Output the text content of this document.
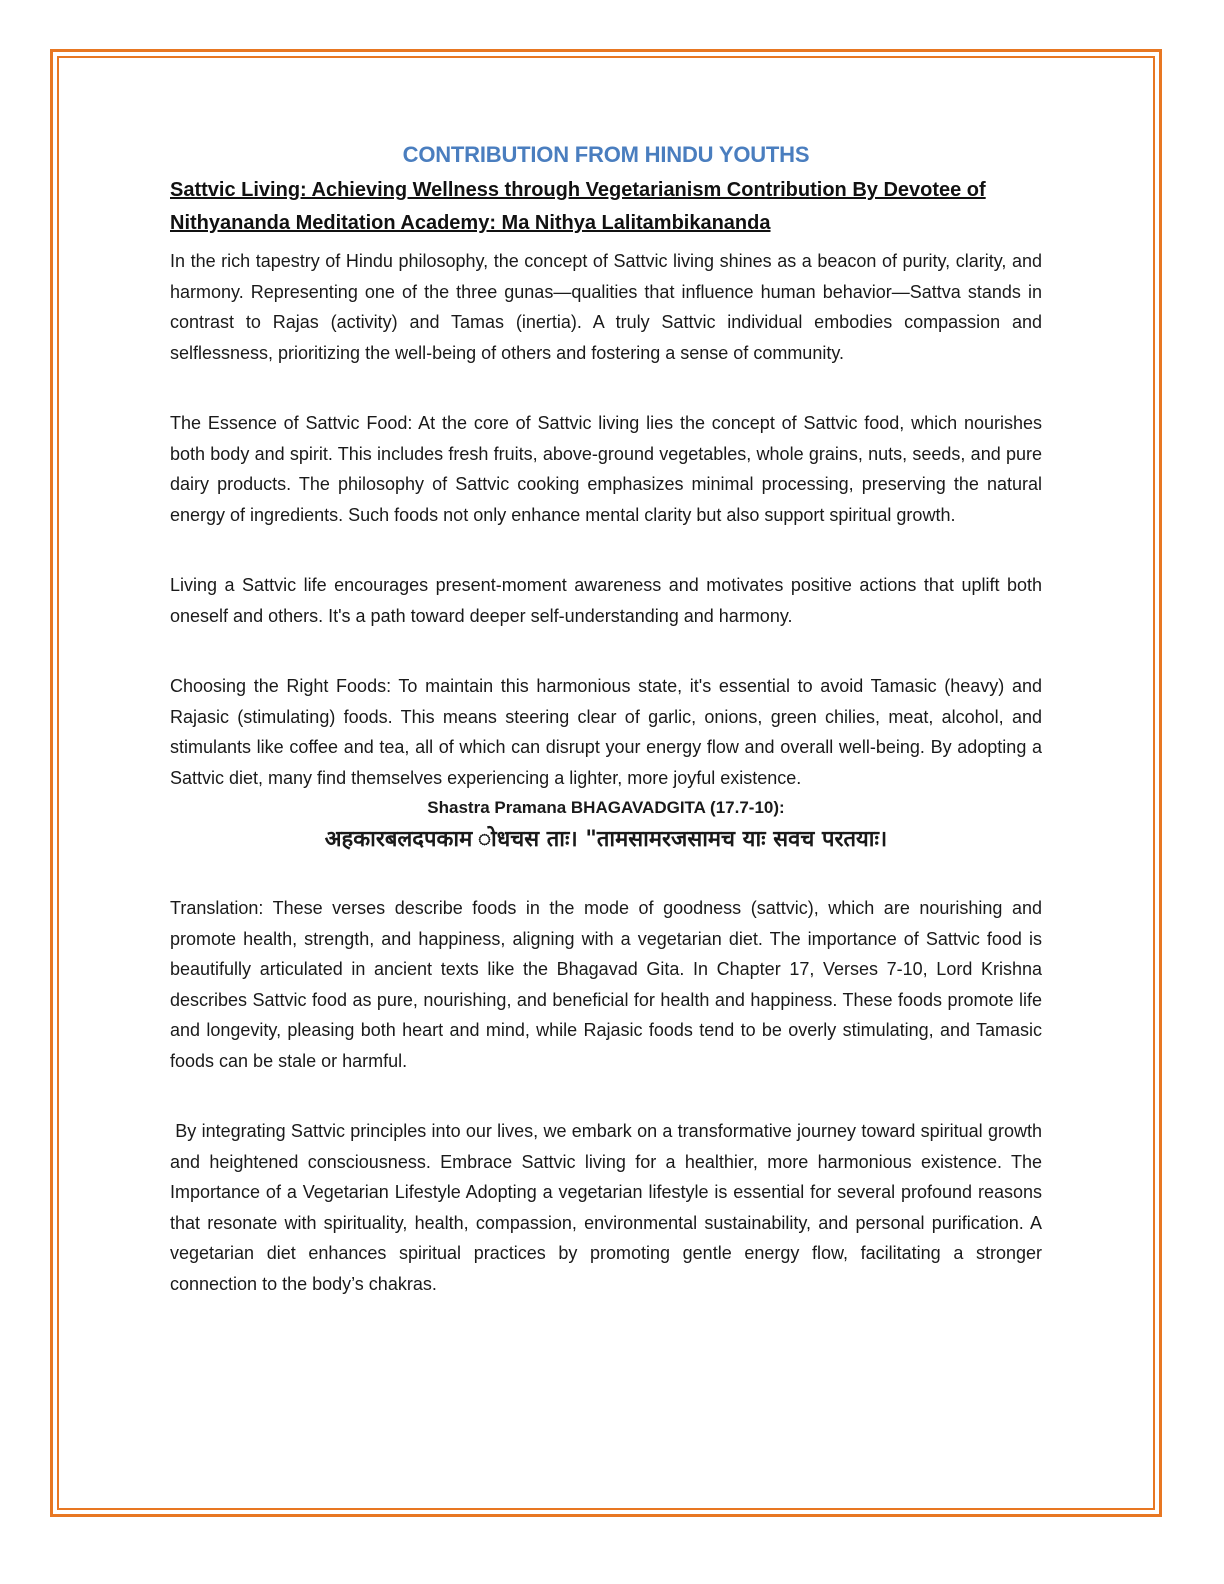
CONTRIBUTION FROM HINDU YOUTHS
Sattvic Living: Achieving Wellness through Vegetarianism Contribution By Devotee of Nithyananda Meditation Academy: Ma Nithya Lalitambikananda

In the rich tapestry of Hindu philosophy, the concept of Sattvic living shines as a beacon of purity, clarity, and harmony. Representing one of the three gunas—qualities that influence human behavior—Sattva stands in contrast to Rajas (activity) and Tamas (inertia). A truly Sattvic individual embodies compassion and selflessness, prioritizing the well-being of others and fostering a sense of community.

The Essence of Sattvic Food: At the core of Sattvic living lies the concept of Sattvic food, which nourishes both body and spirit. This includes fresh fruits, above-ground vegetables, whole grains, nuts, seeds, and pure dairy products. The philosophy of Sattvic cooking emphasizes minimal processing, preserving the natural energy of ingredients. Such foods not only enhance mental clarity but also support spiritual growth.

Living a Sattvic life encourages present-moment awareness and motivates positive actions that uplift both oneself and others. It's a path toward deeper self-understanding and harmony.

Choosing the Right Foods: To maintain this harmonious state, it's essential to avoid Tamasic (heavy) and Rajasic (stimulating) foods. This means steering clear of garlic, onions, green chilies, meat, alcohol, and stimulants like coffee and tea, all of which can disrupt your energy flow and overall well-being. By adopting a Sattvic diet, many find themselves experiencing a lighter, more joyful existence.

Shastra Pramana BHAGAVADGITA (17.7-10):
अहकारबलदपकाम ोधचस ताः। "तामसामरजसामच याः सवच परतयाः।

Translation: These verses describe foods in the mode of goodness (sattvic), which are nourishing and promote health, strength, and happiness, aligning with a vegetarian diet. The importance of Sattvic food is beautifully articulated in ancient texts like the Bhagavad Gita. In Chapter 17, Verses 7-10, Lord Krishna describes Sattvic food as pure, nourishing, and beneficial for health and happiness. These foods promote life and longevity, pleasing both heart and mind, while Rajasic foods tend to be overly stimulating, and Tamasic foods can be stale or harmful.

By integrating Sattvic principles into our lives, we embark on a transformative journey toward spiritual growth and heightened consciousness. Embrace Sattvic living for a healthier, more harmonious existence. The Importance of a Vegetarian Lifestyle Adopting a vegetarian lifestyle is essential for several profound reasons that resonate with spirituality, health, compassion, environmental sustainability, and personal purification. A vegetarian diet enhances spiritual practices by promoting gentle energy flow, facilitating a stronger connection to the body’s chakras.
